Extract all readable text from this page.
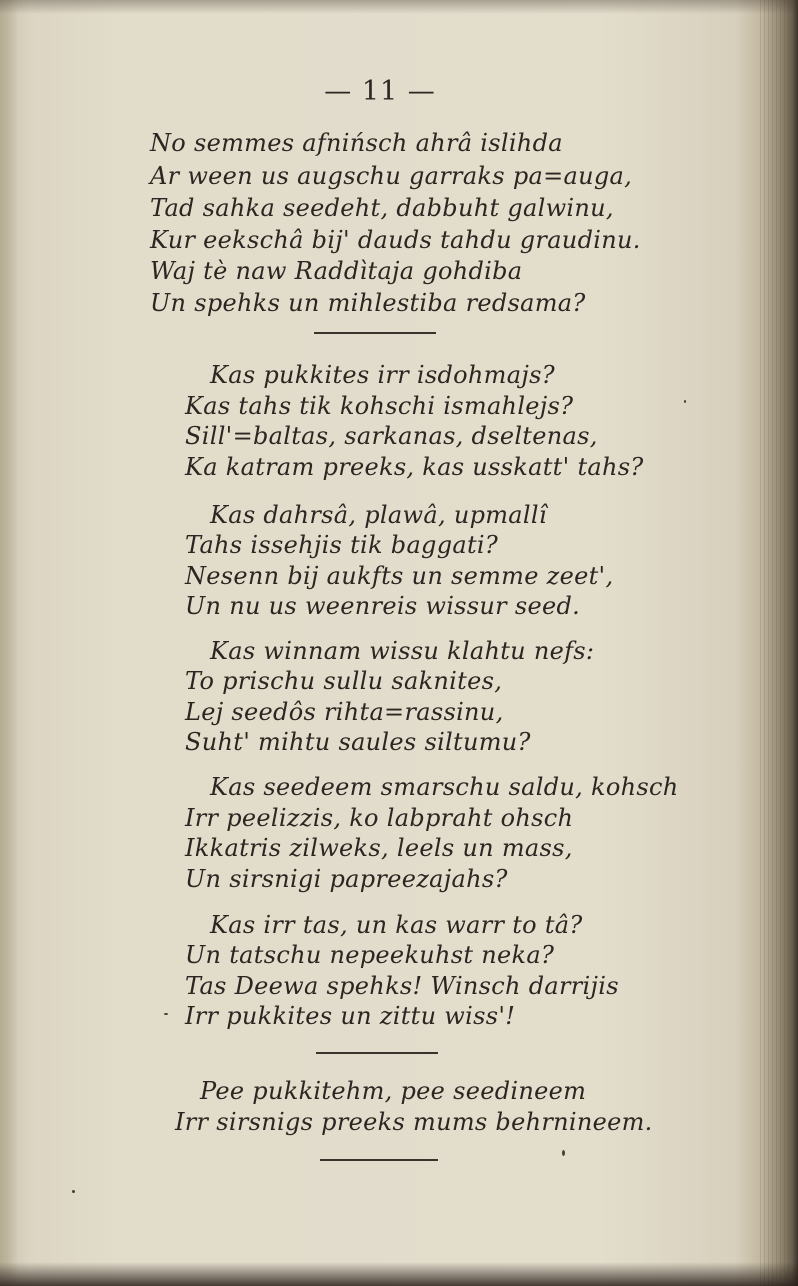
— 11 —
No semmes afnińsch ahrâ islihda
Ar ween us augschu garraks pa=auga,
Tad sahka seedeht, dabbuht galwinu,
Kur eekschâ bij' dauds tahdu graudinu.
Waj tè naw Raddìtaja gohdiba
Un spehks un mihlestiba redsama?
Kas pukkites irr isdohmajs?
Kas tahs tik kohschi ismahlejs?
Sill'=baltas, sarkanas, dseltenas,
Ka katram preeks, kas usskatt' tahs?
Kas dahrsâ, plawâ, upmallî
Tahs issehjis tik baggati?
Nesenn bij aukfts un semme zeet',
Un nu us weenreis wissur seed.
Kas winnam wissu klahtu nefs:
To prischu sullu saknites,
Lej seedôs rihta=rassinu,
Suht' mihtu saules siltumu?
Kas seedeem smarschu saldu, kohsch
Irr peelizzis, ko labpraht ohsch
Ikkatris zilweks, leels un mass,
Un sirsnigi papreezajahs?
Kas irr tas, un kas warr to tâ?
Un tatschu nepeekuhst neka?
Tas Deewa spehks! Winsch darrijis
Irr pukkites un zittu wiss'!
Pee pukkitehm, pee seedineem
Irr sirsnigs preeks mums behrnineem.
